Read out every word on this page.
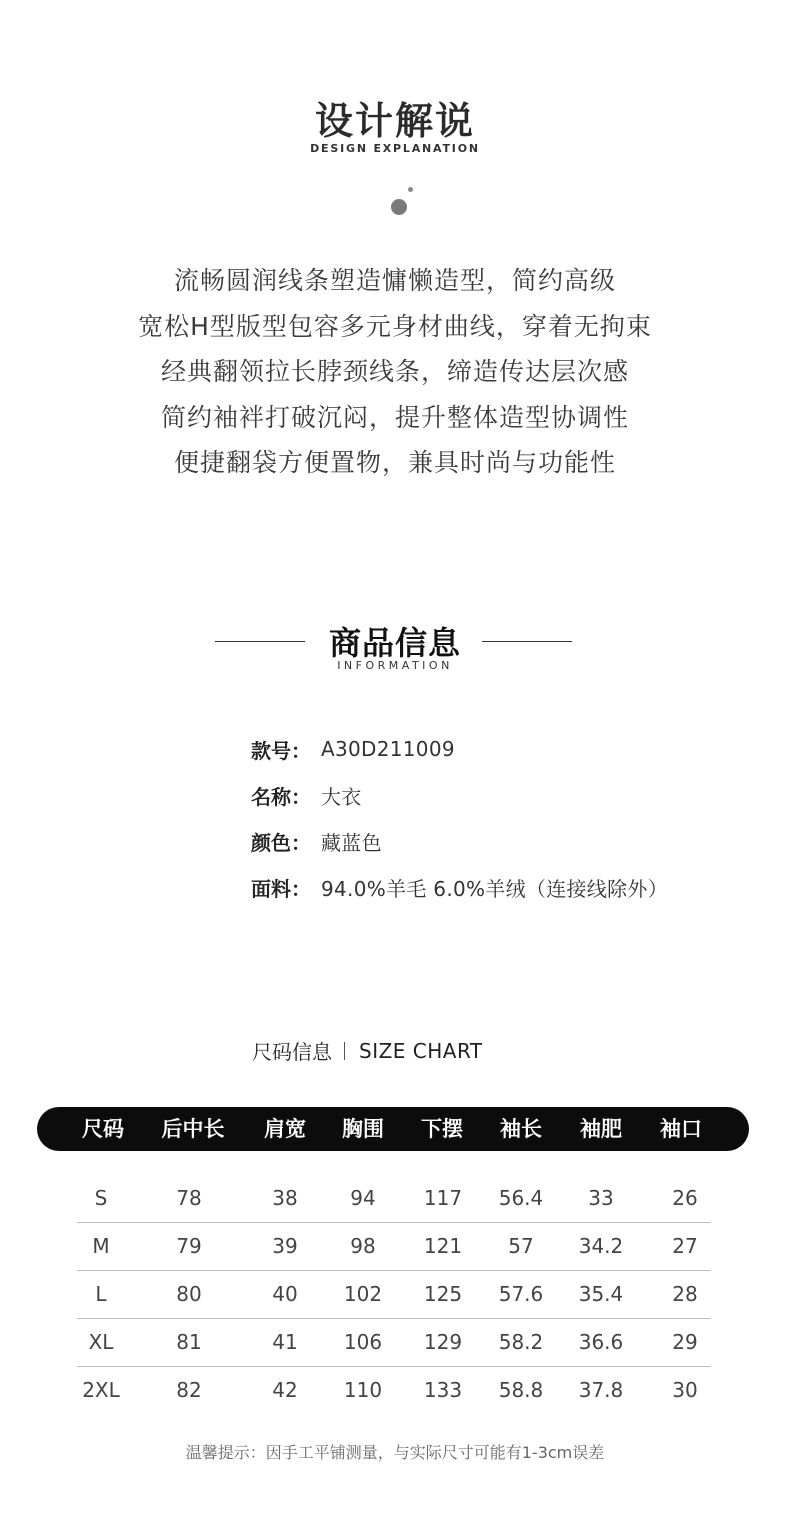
设计解说
DESIGN EXPLANATION
流畅圆润线条塑造慵懒造型，简约高级
宽松H型版型包容多元身材曲线，穿着无拘束
经典翻领拉长脖颈线条，缔造传达层次感
简约袖袢打破沉闷，提升整体造型协调性
便捷翻袋方便置物，兼具时尚与功能性
商品信息
INFORMATION
款号： A30D211009
名称： 大衣
颜色： 藏蓝色
面料： 94.0%羊毛 6.0%羊绒（连接线除外）
尺码信息 SIZE CHART
尺码 后中长 肩宽 胸围 下摆 袖长 袖肥 袖口
S	78	38	94 117 56.4 33	26
M	79	39	98 121 57 34.2 27
L	80	40 102 125 57.6 35.4 28
XL	81	41 106 129 58.2 36.6 29
2XL	82	42 110 133 58.8 37.8 30
温馨提示：因手工平铺测量，与实际尺寸可能有1-3cm误差
